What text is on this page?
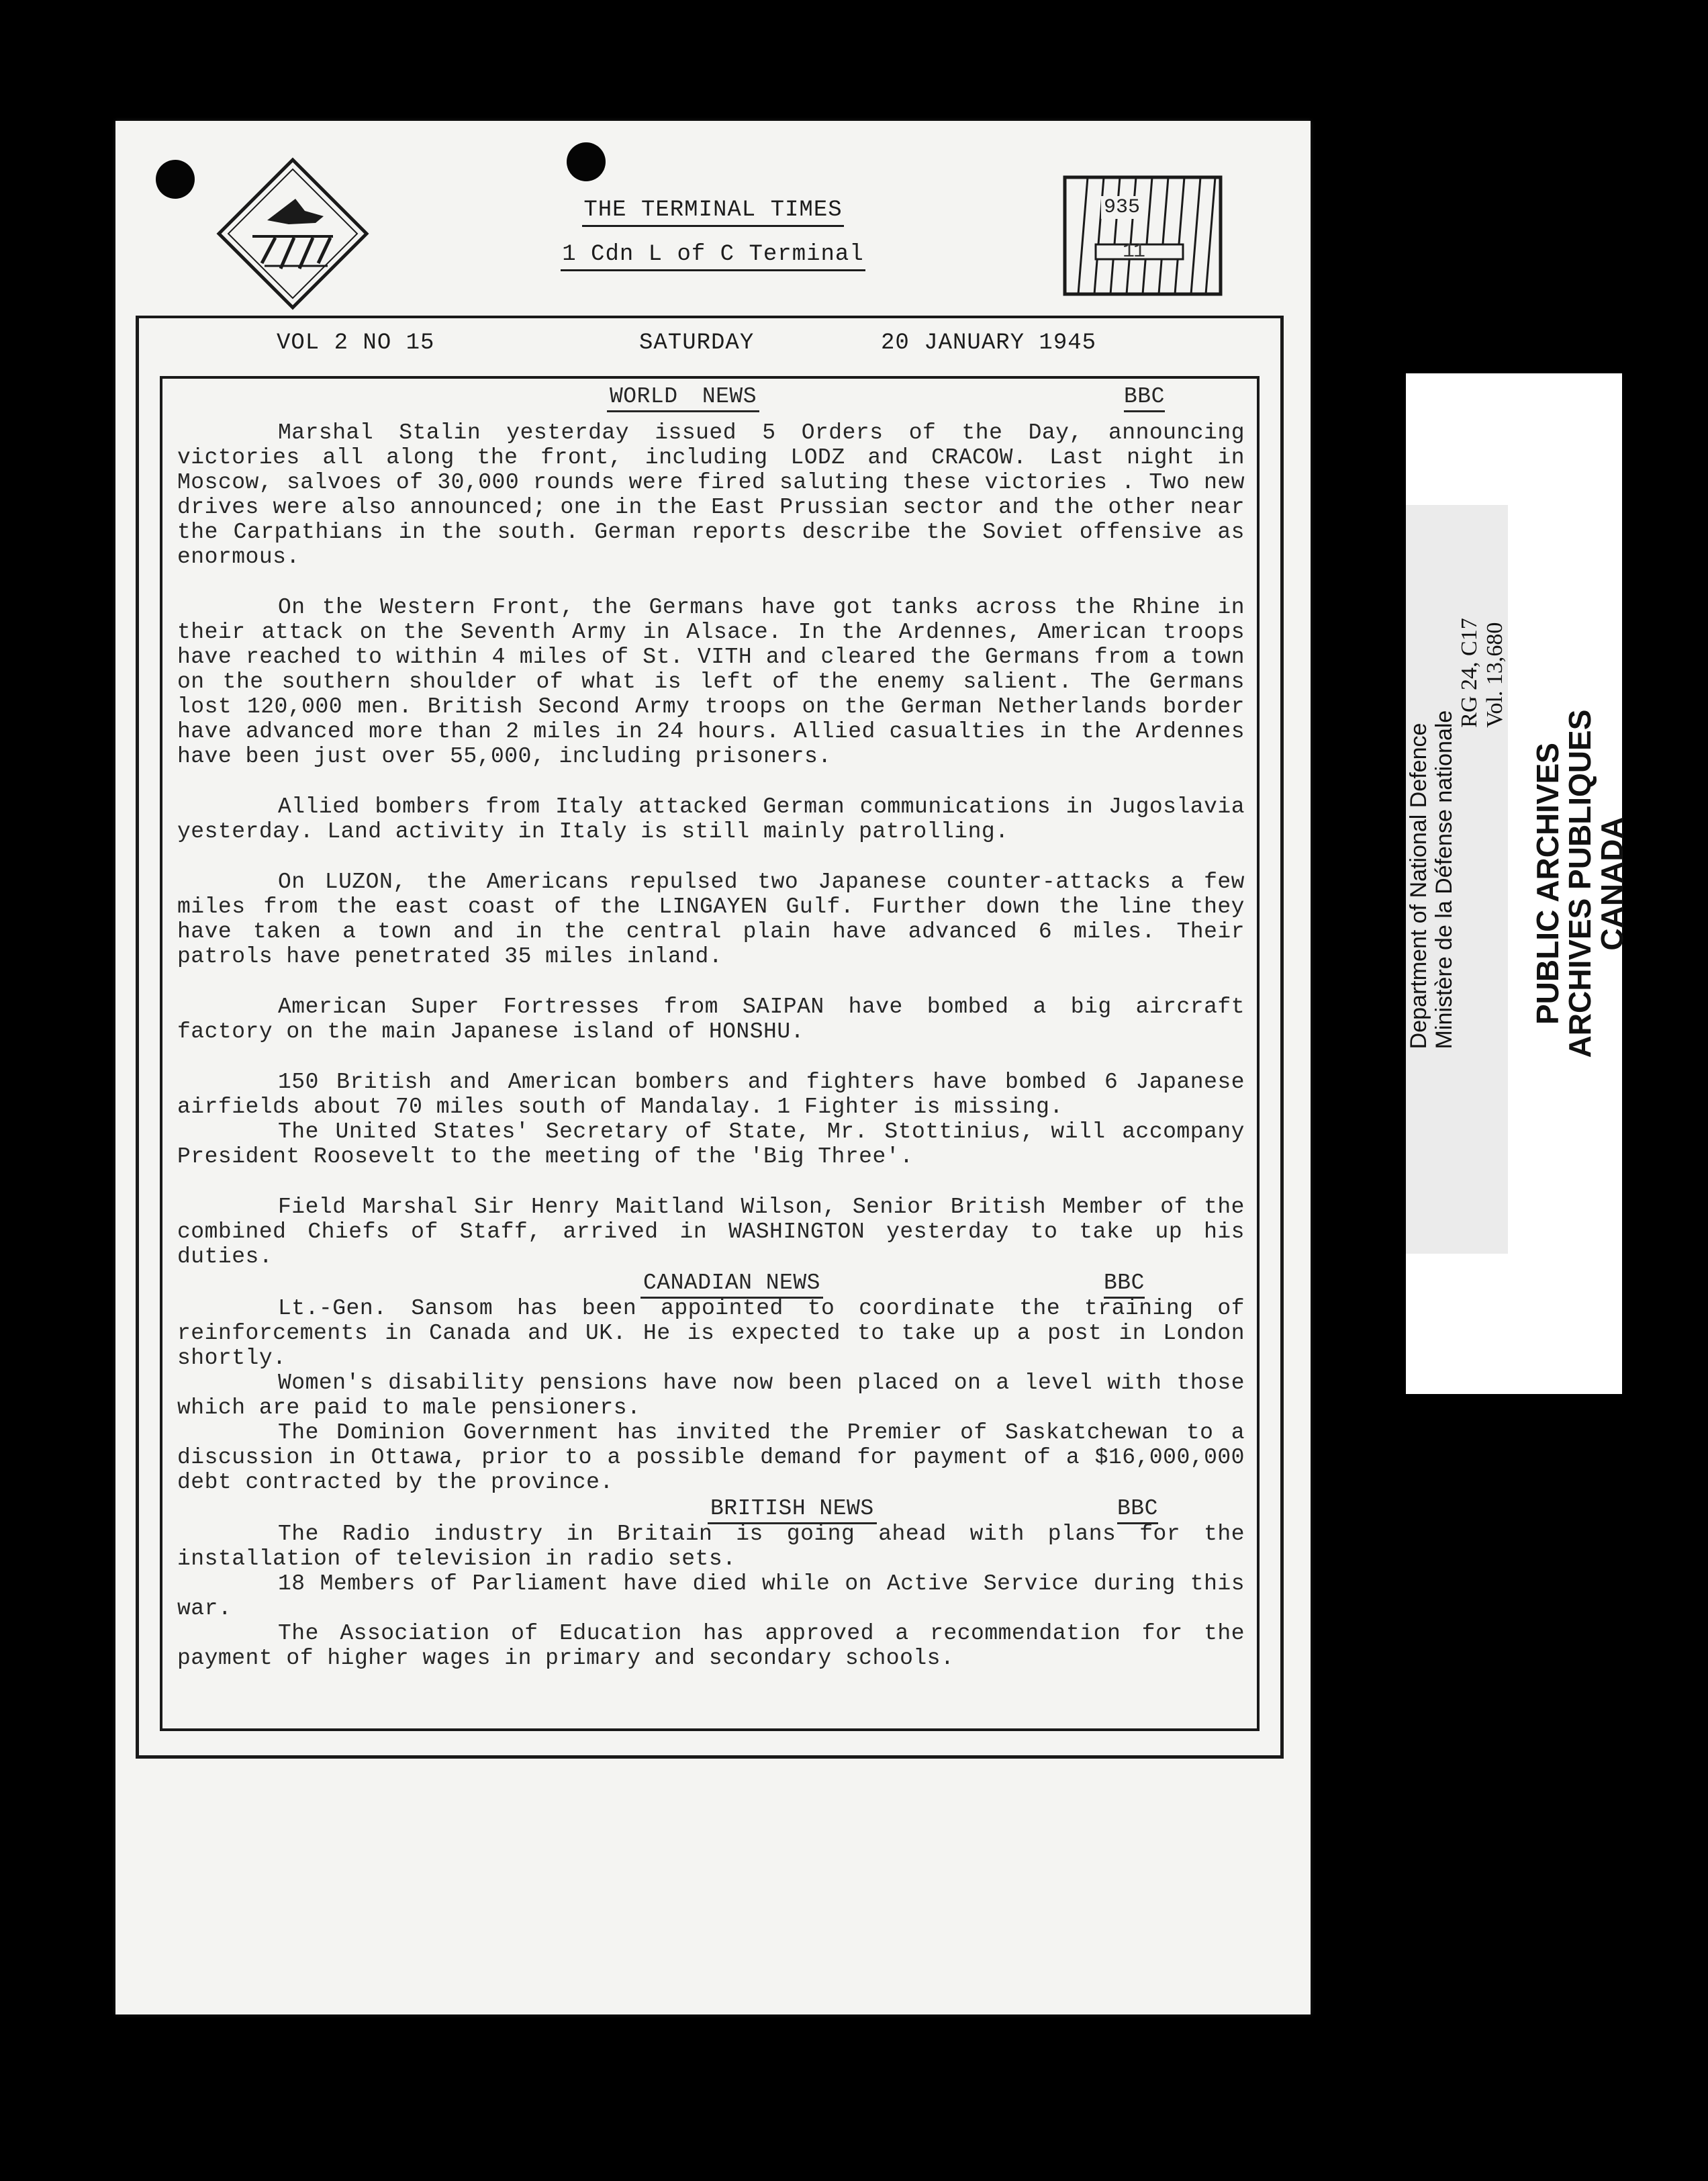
935
11
THE TERMINAL TIMES
1 Cdn L of C Terminal
VOL 2 NO 15	SATURDAY	20 JANUARY 1945
WORLD NEWS	BBC

Marshal Stalin yesterday issued 5 Orders of the Day, announcing victories all along the front, including LODZ and CRACOW. Last night in Moscow, salvoes of 30,000 rounds were fired saluting these victories . Two new drives were also announced; one in the East Prussian sector and the other near the Carpathians in the south. German reports describe the Soviet offensive as enormous.

On the Western Front, the Germans have got tanks across the Rhine in their attack on the Seventh Army in Alsace. In the Ardennes, American troops have reached to within 4 miles of St. VITH and cleared the Germans from a town on the southern shoulder of what is left of the enemy salient. The Germans lost 120,000 men. British Second Army troops on the German Netherlands border have advanced more than 2 miles in 24 hours. Allied casualties in the Ardennes have been just over 55,000, including prisoners.

Allied bombers from Italy attacked German communications in Jugoslavia yesterday. Land activity in Italy is still mainly patrolling.

On LUZON, the Americans repulsed two Japanese counter-attacks a few miles from the east coast of the LINGAYEN Gulf. Further down the line they have taken a town and in the central plain have advanced 6 miles. Their patrols have penetrated 35 miles inland.

American Super Fortresses from SAIPAN have bombed a big aircraft factory on the main Japanese island of HONSHU.

150 British and American bombers and fighters have bombed 6 Japanese airfields about 70 miles south of Mandalay. 1 Fighter is missing.

The United States' Secretary of State, Mr. Stottinius, will accompany President Roosevelt to the meeting of the 'Big Three'.

Field Marshal Sir Henry Maitland Wilson, Senior British Member of the combined Chiefs of Staff, arrived in WASHINGTON yesterday to take up his duties.

CANADIAN NEWS	BBC

Lt.-Gen. Sansom has been appointed to coordinate the training of reinforcements in Canada and UK. He is expected to take up a post in London shortly.

Women's disability pensions have now been placed on a level with those which are paid to male pensioners.

The Dominion Government has invited the Premier of Saskatchewan to a discussion in Ottawa, prior to a possible demand for payment of a $16,000,000 debt contracted by the province.

BRITISH NEWS	BBC

The Radio industry in Britain is going ahead with plans for the installation of television in radio sets.

18 Members of Parliament have died while on Active Service during this war.

The Association of Education has approved a recommendation for the payment of higher wages in primary and secondary schools.

PUBLIC ARCHIVES
ARCHIVES PUBLIQUES
CANADA
Department of National Defence Ministère de la Défense nationale
RG 24, C17 Vol. 13,680
